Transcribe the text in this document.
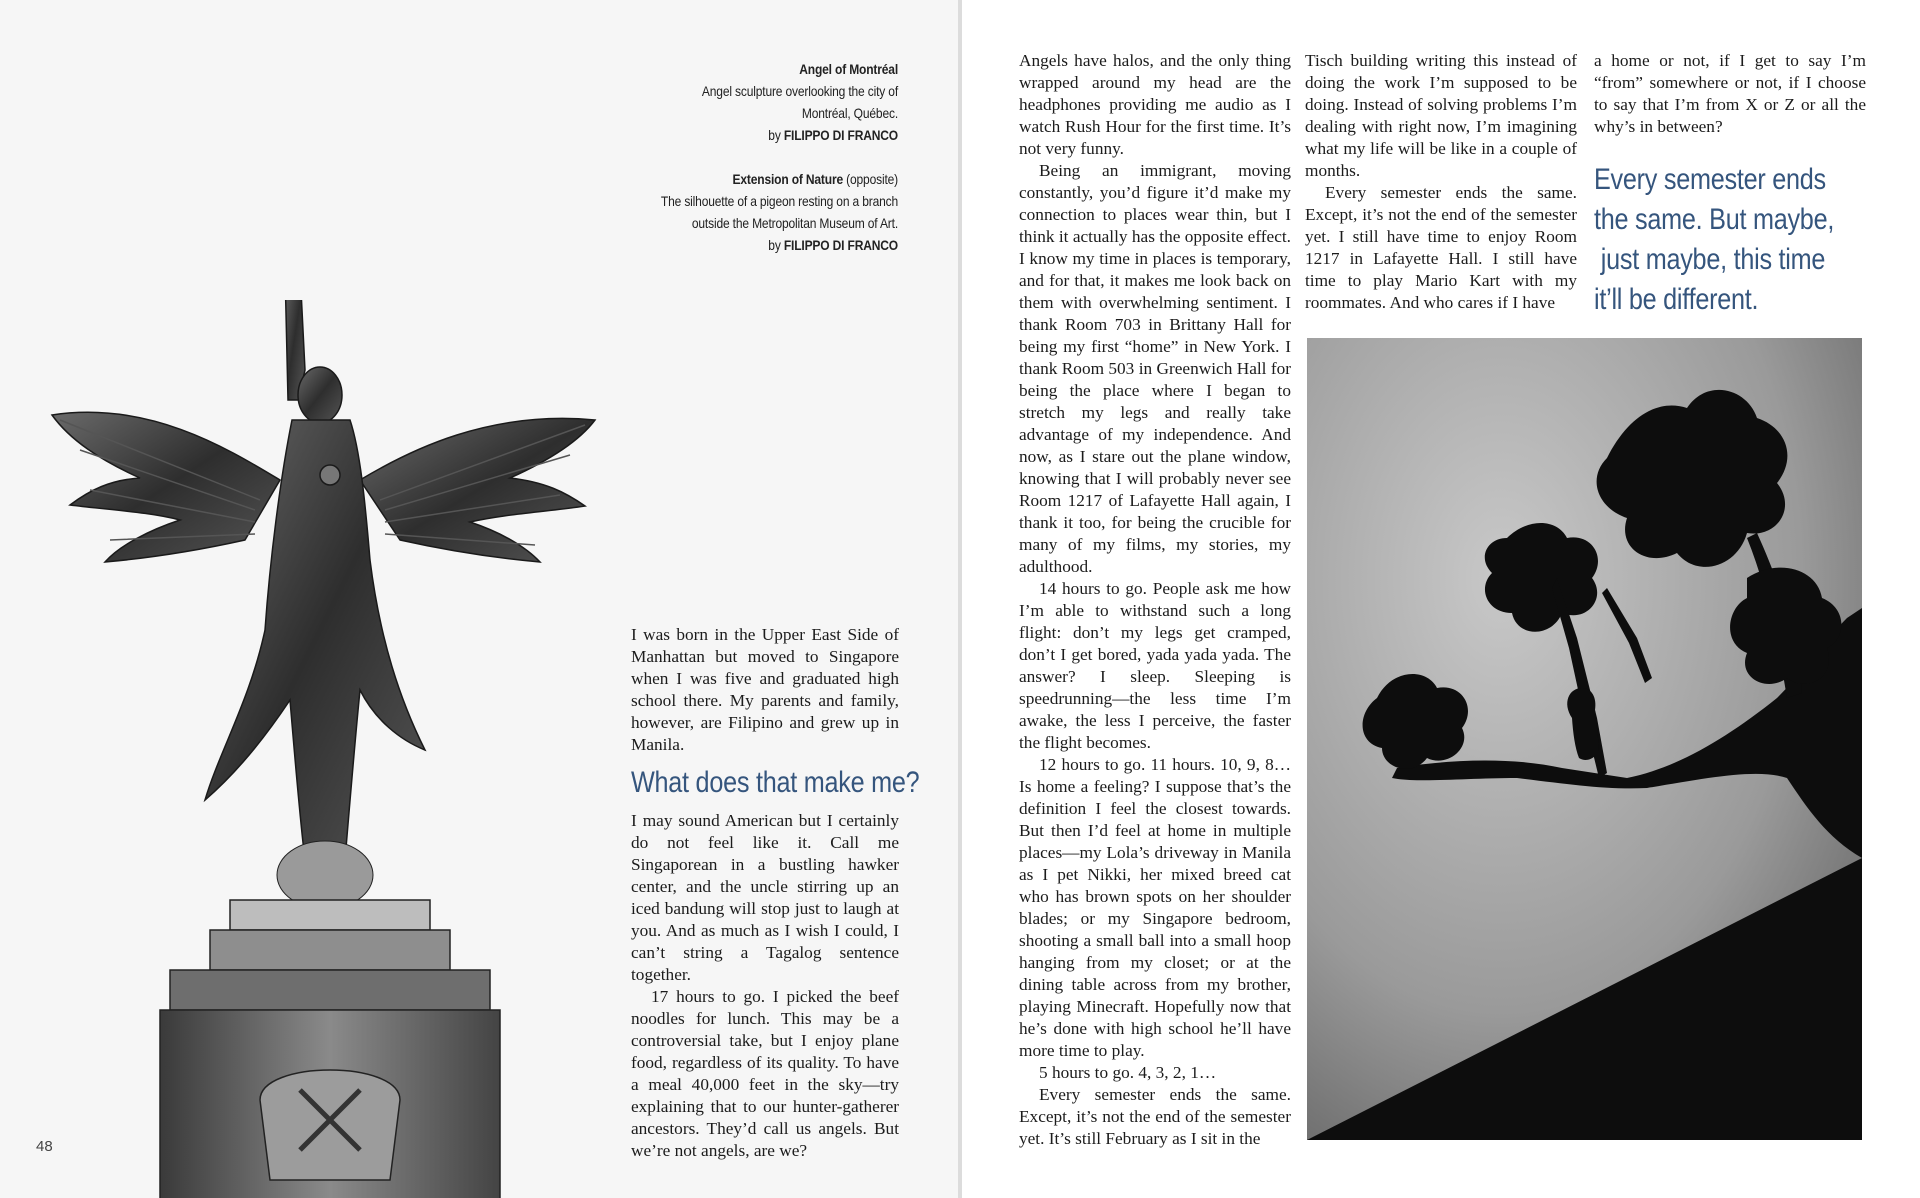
Angel of Montréal
Angel sculpture overlooking the city of
Montréal, Québec.
by FILIPPO DI FRANCO
Extension of Nature (opposite)
The silhouette of a pigeon resting on a branch
outside the Metropolitan Museum of Art.
by FILIPPO DI FRANCO

I was born in the Upper East Side of Manhattan but moved to Singapore when I was five and graduated high school there. My parents and family, however, are Filipino and grew up in Manila.

What does that make me?

I may sound American but I certainly do not feel like it. Call me Singaporean in a bustling hawker center, and the uncle stirring up an iced bandung will stop just to laugh at you. And as much as I wish I could, I can’t string a Tagalog sentence together.

17 hours to go. I picked the beef noodles for lunch. This may be a controversial take, but I enjoy plane food, regardless of its quality. To have a meal 40,000 feet in the sky—try explaining that to our hunter-gatherer ancestors. They’d call us angels. But we’re not angels, are we?

48

Angels have halos, and the only thing wrapped around my head are the headphones providing me audio as I watch Rush Hour for the first time. It’s not very funny.

Being an immigrant, moving constantly, you’d figure it’d make my connection to places wear thin, but I think it actually has the opposite effect. I know my time in places is temporary, and for that, it makes me look back on them with overwhelming sentiment. I thank Room 703 in Brittany Hall for being my first “home” in New York. I thank Room 503 in Greenwich Hall for being the place where I began to stretch my legs and really take advantage of my independence. And now, as I stare out the plane window, knowing that I will probably never see Room 1217 of Lafayette Hall again, I thank it too, for being the crucible for many of my films, my stories, my adulthood.

14 hours to go. People ask me how I’m able to withstand such a long flight: don’t my legs get cramped, don’t I get bored, yada yada yada. The answer? I sleep. Sleeping is speedrunning—the less time I’m awake, the less I perceive, the faster the flight becomes.

12 hours to go. 11 hours. 10, 9, 8… Is home a feeling? I suppose that’s the definition I feel the closest towards. But then I’d feel at home in multiple places—my Lola’s driveway in Manila as I pet Nikki, her mixed breed cat who has brown spots on her shoulder blades; or my Singapore bedroom, shooting a small ball into a small hoop hanging from my closet; or at the dining table across from my brother, playing Minecraft. Hopefully now that he’s done with high school he’ll have more time to play.

5 hours to go. 4, 3, 2, 1…

Every semester ends the same. Except, it’s not the end of the semester yet. It’s still February as I sit in the

Tisch building writing this instead of doing the work I’m supposed to be doing. Instead of solving problems I’m dealing with right now, I’m imagining what my life will be like in a couple of months.

Every semester ends the same. Except, it’s not the end of the semester yet. I still have time to enjoy Room 1217 in Lafayette Hall. I still have time to play Mario Kart with my roommates. And who cares if I have

a home or not, if I get to say I’m “from” somewhere or not, if I choose to say that I’m from X or Z or all the why’s in between?

Every semester ends
the same. But maybe,
just maybe, this time
it’ll be different.
